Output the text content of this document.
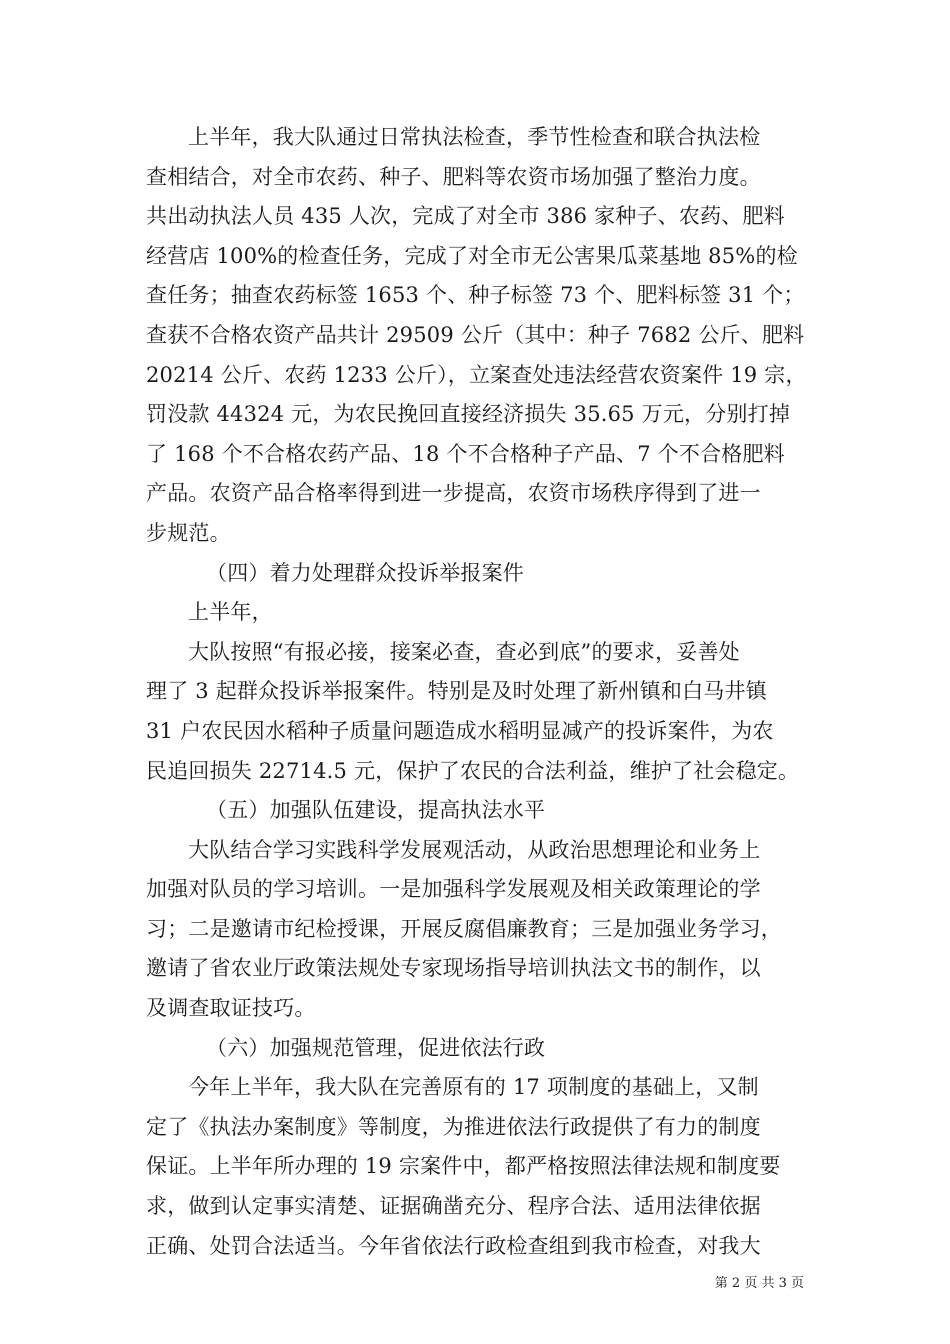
上半年，我大队通过日常执法检查，季节性检查和联合执法检
查相结合，对全市农药、种子、肥料等农资市场加强了整治力度。
共出动执法人员 435 人次，完成了对全市 386 家种子、农药、肥料
经营店 100%的检查任务，完成了对全市无公害果瓜菜基地 85%的检
查任务；抽查农药标签 1653 个、种子标签 73 个、肥料标签 31 个；
查获不合格农资产品共计 29509 公斤（其中：种子 7682 公斤、肥料
20214 公斤、农药 1233 公斤），立案查处违法经营农资案件 19 宗，
罚没款 44324 元，为农民挽回直接经济损失 35.65 万元，分别打掉
了 168 个不合格农药产品、18 个不合格种子产品、7 个不合格肥料
产品。农资产品合格率得到进一步提高，农资市场秩序得到了进一
步规范。
（四）着力处理群众投诉举报案件
上半年，
大队按照“有报必接，接案必查，查必到底”的要求，妥善处
理了 3 起群众投诉举报案件。特别是及时处理了新州镇和白马井镇
31 户农民因水稻种子质量问题造成水稻明显减产的投诉案件，为农
民追回损失 22714.5 元，保护了农民的合法利益，维护了社会稳定。
（五）加强队伍建设，提高执法水平
大队结合学习实践科学发展观活动，从政治思想理论和业务上
加强对队员的学习培训。一是加强科学发展观及相关政策理论的学
习；二是邀请市纪检授课，开展反腐倡廉教育；三是加强业务学习，
邀请了省农业厅政策法规处专家现场指导培训执法文书的制作，以
及调查取证技巧。
（六）加强规范管理，促进依法行政
今年上半年，我大队在完善原有的 17 项制度的基础上，又制
定了《执法办案制度》等制度，为推进依法行政提供了有力的制度
保证。上半年所办理的 19 宗案件中，都严格按照法律法规和制度要
求，做到认定事实清楚、证据确凿充分、程序合法、适用法律依据
正确、处罚合法适当。今年省依法行政检查组到我市检查，对我大
第 2 页 共 3 页
